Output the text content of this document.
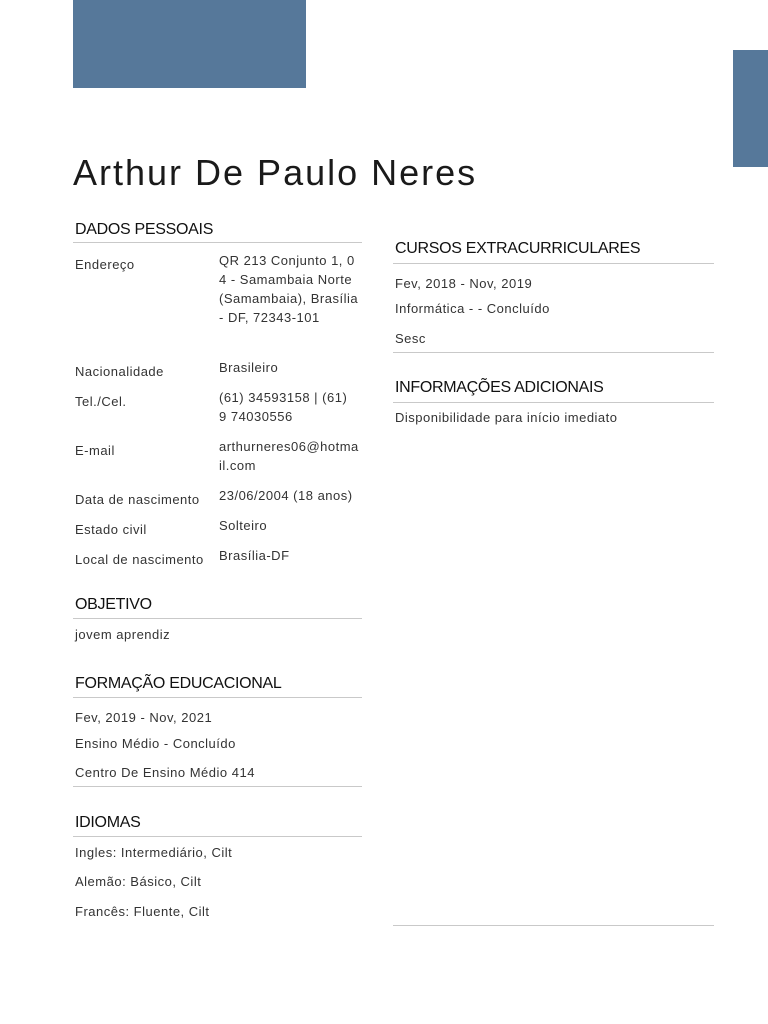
Arthur De Paulo Neres
DADOS PESSOAIS
Endereço	QR 213 Conjunto 1, 04 - Samambaia Norte (Samambaia), Brasília - DF, 72343-101
Nacionalidade	Brasileiro
Tel./Cel.	(61) 34593158 | (61) 9 74030556
E-mail	arthurneres06@hotmail.com
Data de nascimento 23/06/2004 (18 anos)
Estado civil	Solteiro
Local de nascimento Brasília-DF
OBJETIVO
jovem aprendiz
FORMAÇÃO EDUCACIONAL
Fev, 2019 - Nov, 2021
Ensino Médio - Concluído
Centro De Ensino Médio 414
IDIOMAS
Ingles: Intermediário, Cilt
Alemão: Básico, Cilt
Francês: Fluente, Cilt
CURSOS EXTRACURRICULARES
Fev, 2018 - Nov, 2019
Informática - - Concluído
Sesc
INFORMAÇÕES ADICIONAIS
Disponibilidade para início imediato
